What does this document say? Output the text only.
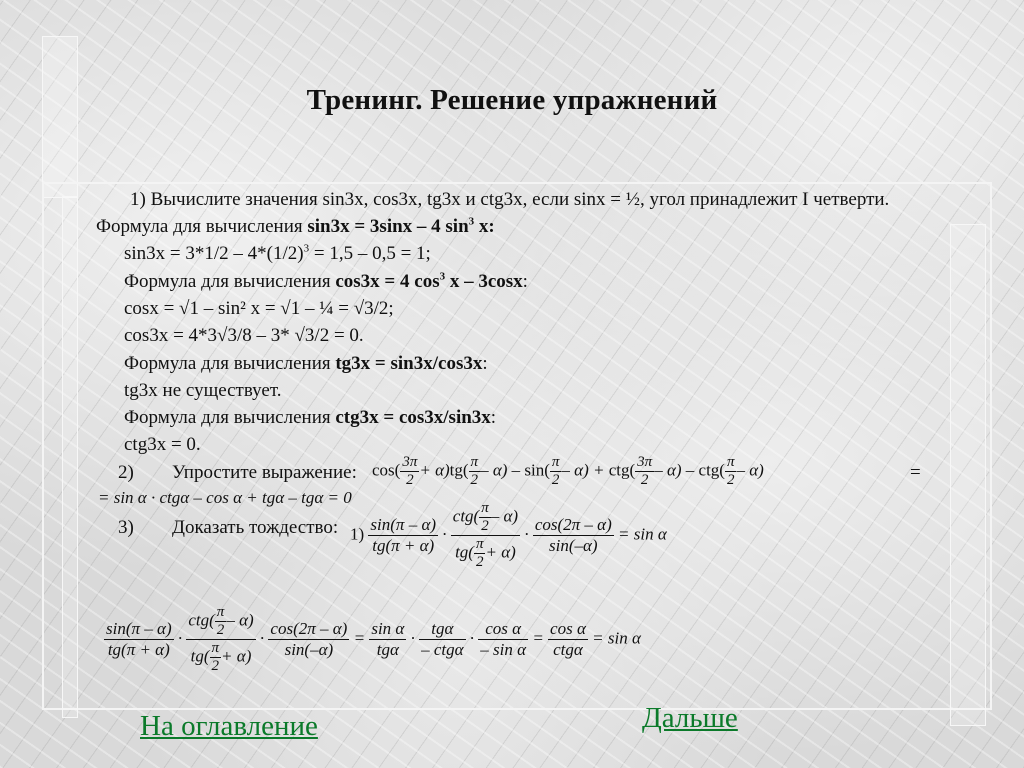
Тренинг. Решение упражнений
1) Вычислите значения sin3x, cos3x, tg3x и ctg3x, если sinx = ½, угол принадлежит I четверти.
Формула для вычисления sin3x = 3sinx – 4 $\sin^3 x$:
$\sin 3x = 3*1/2 - 4*(1/2)^3 = 1,5 - 0,5 = 1$;
Формула для вычисления cos3x = 4 $\cos^3 x - 3\cos x$:
cosx = √1 – sin² x = √1 – ¼ = √3/2;
cos3x = 4*3√3/8 – 3* √3/2 = 0.
Формула для вычисления tg3x = sin3x/cos3x:
tg3x не существует.
Формула для вычисления ctg3x = cos3x/sin3x:
ctg3x = 0.
2) Упростите выражение: $\cos( \frac{3\pi}{2} + \alpha)tg( \frac{\pi}{2} - \alpha) - \sin( \frac{\pi}{2} - \alpha) + ctg( \frac{3\pi}{2} - \alpha) - ctg( \frac{\pi}{2} - \alpha)$	=
= sin α · ctgα – cos α + tgα – tgα = 0
3) Доказать тождество: $1) \frac{\sin(\pi - \alpha)}{tg(\pi + \alpha)} \cdot \frac{ctg( \frac{\pi}{2} - \alpha)}{tg( \frac{\pi}{2} + \alpha)} \cdot \frac{\cos(2\pi - \alpha)}{\sin(-\alpha)} = \sin \alpha$
$\frac{\sin(\pi - \alpha)}{tg(\pi + \alpha)} \cdot \frac{ctg( \frac{\pi}{2} - \alpha)}{tg( \frac{\pi}{2} + \alpha)} \cdot \frac{\cos(2\pi - \alpha)}{\sin(-\alpha)} = \frac{\text{sin α}}{\text{tgα}} \cdot \frac{\text{tgα}}{\text{– ctgα}} \cdot \frac{\text{cos α}}{\text{– sin α}} = \frac{\text{cos α}}{\text{ctgα}} = \sin \alpha$
На оглавление	Дальше
